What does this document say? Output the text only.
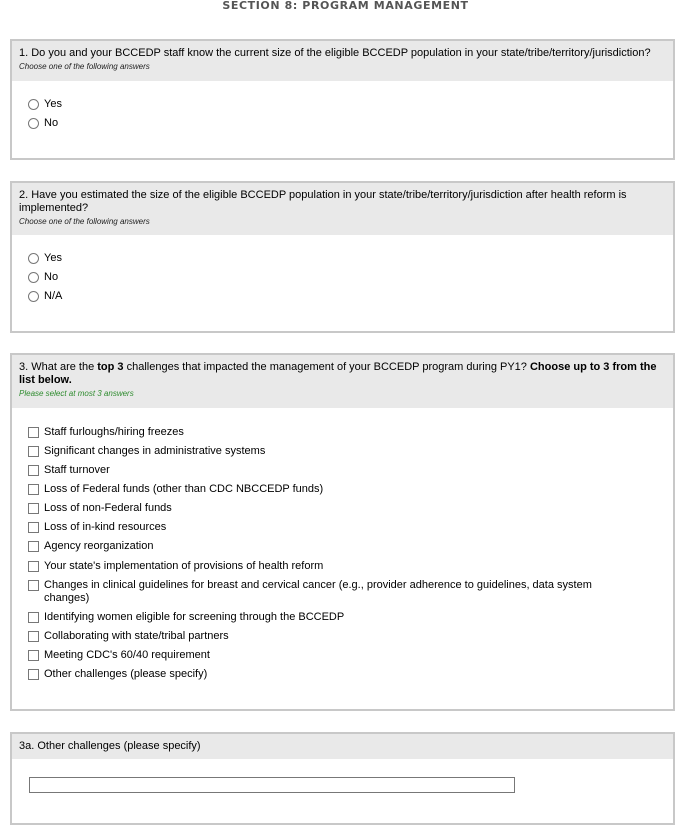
SECTION 8: PROGRAM MANAGEMENT
1. Do you and your BCCEDP staff know the current size of the eligible BCCEDP population in your state/tribe/territory/jurisdiction?
Choose one of the following answers
Yes
No
2. Have you estimated the size of the eligible BCCEDP population in your state/tribe/territory/jurisdiction after health reform is implemented?
Choose one of the following answers
Yes
No
N/A
3. What are the top 3 challenges that impacted the management of your BCCEDP program during PY1? Choose up to 3 from the list below.
Please select at most 3 answers
Staff furloughs/hiring freezes
Significant changes in administrative systems
Staff turnover
Loss of Federal funds (other than CDC NBCCEDP funds)
Loss of non-Federal funds
Loss of in-kind resources
Agency reorganization
Your state's implementation of provisions of health reform
Changes in clinical guidelines for breast and cervical cancer (e.g., provider adherence to guidelines, data system changes)
Identifying women eligible for screening through the BCCEDP
Collaborating with state/tribal partners
Meeting CDC's 60/40 requirement
Other challenges (please specify)
3a. Other challenges (please specify)
